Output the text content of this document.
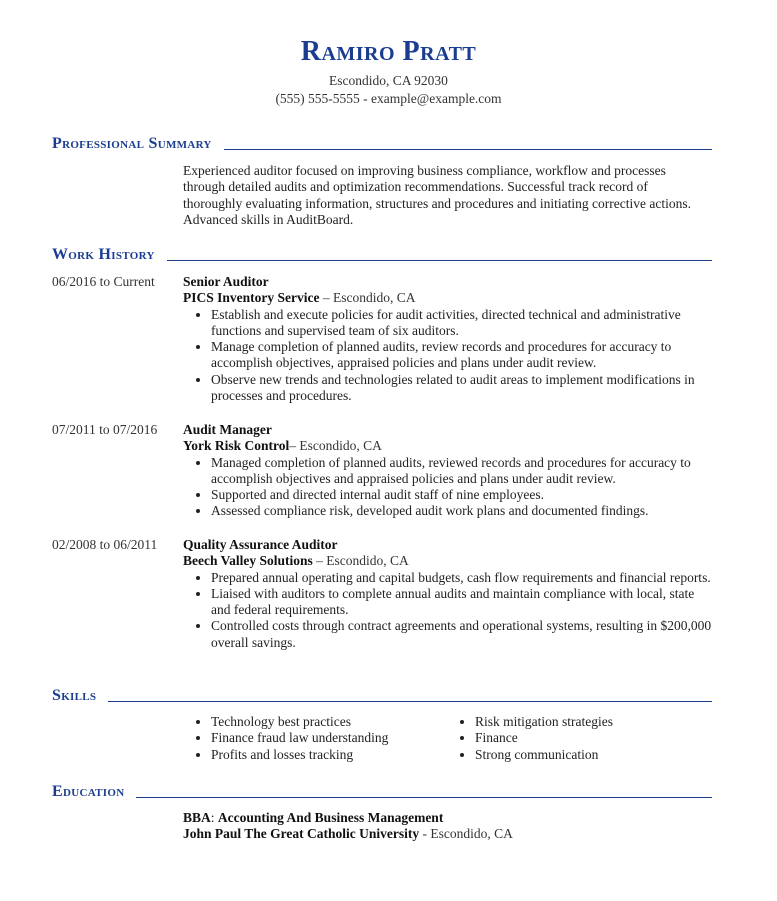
Ramiro Pratt
Escondido, CA 92030
(555) 555-5555 - example@example.com
Professional Summary
Experienced auditor focused on improving business compliance, workflow and processes
through detailed audits and optimization recommendations. Successful track record of
thoroughly evaluating information, structures and procedures and initiating corrective actions.
Advanced skills in AuditBoard.
Work History
06/2016 to Current Senior Auditor
PICS Inventory Service – Escondido, CA
• Establish and execute policies for audit activities, directed technical and administrative functions and supervised team of six auditors.
• Manage completion of planned audits, review records and procedures for accuracy to accomplish objectives, appraised policies and plans under audit review.
• Observe new trends and technologies related to audit areas to implement modifications in processes and procedures.
07/2011 to 07/2016 Audit Manager
York Risk Control– Escondido, CA
• Managed completion of planned audits, reviewed records and procedures for accuracy to accomplish objectives and appraised policies and plans under audit review.
• Supported and directed internal audit staff of nine employees.
• Assessed compliance risk, developed audit work plans and documented findings.
02/2008 to 06/2011 Quality Assurance Auditor
Beech Valley Solutions – Escondido, CA
• Prepared annual operating and capital budgets, cash flow requirements and financial reports.
• Liaised with auditors to complete annual audits and maintain compliance with local, state and federal requirements.
• Controlled costs through contract agreements and operational systems, resulting in $200,000 overall savings.
Skills
• Technology best practices
• Finance fraud law understanding
• Profits and losses tracking
• Risk mitigation strategies
• Finance
• Strong communication
Education
BBA: Accounting And Business Management
John Paul The Great Catholic University - Escondido, CA
